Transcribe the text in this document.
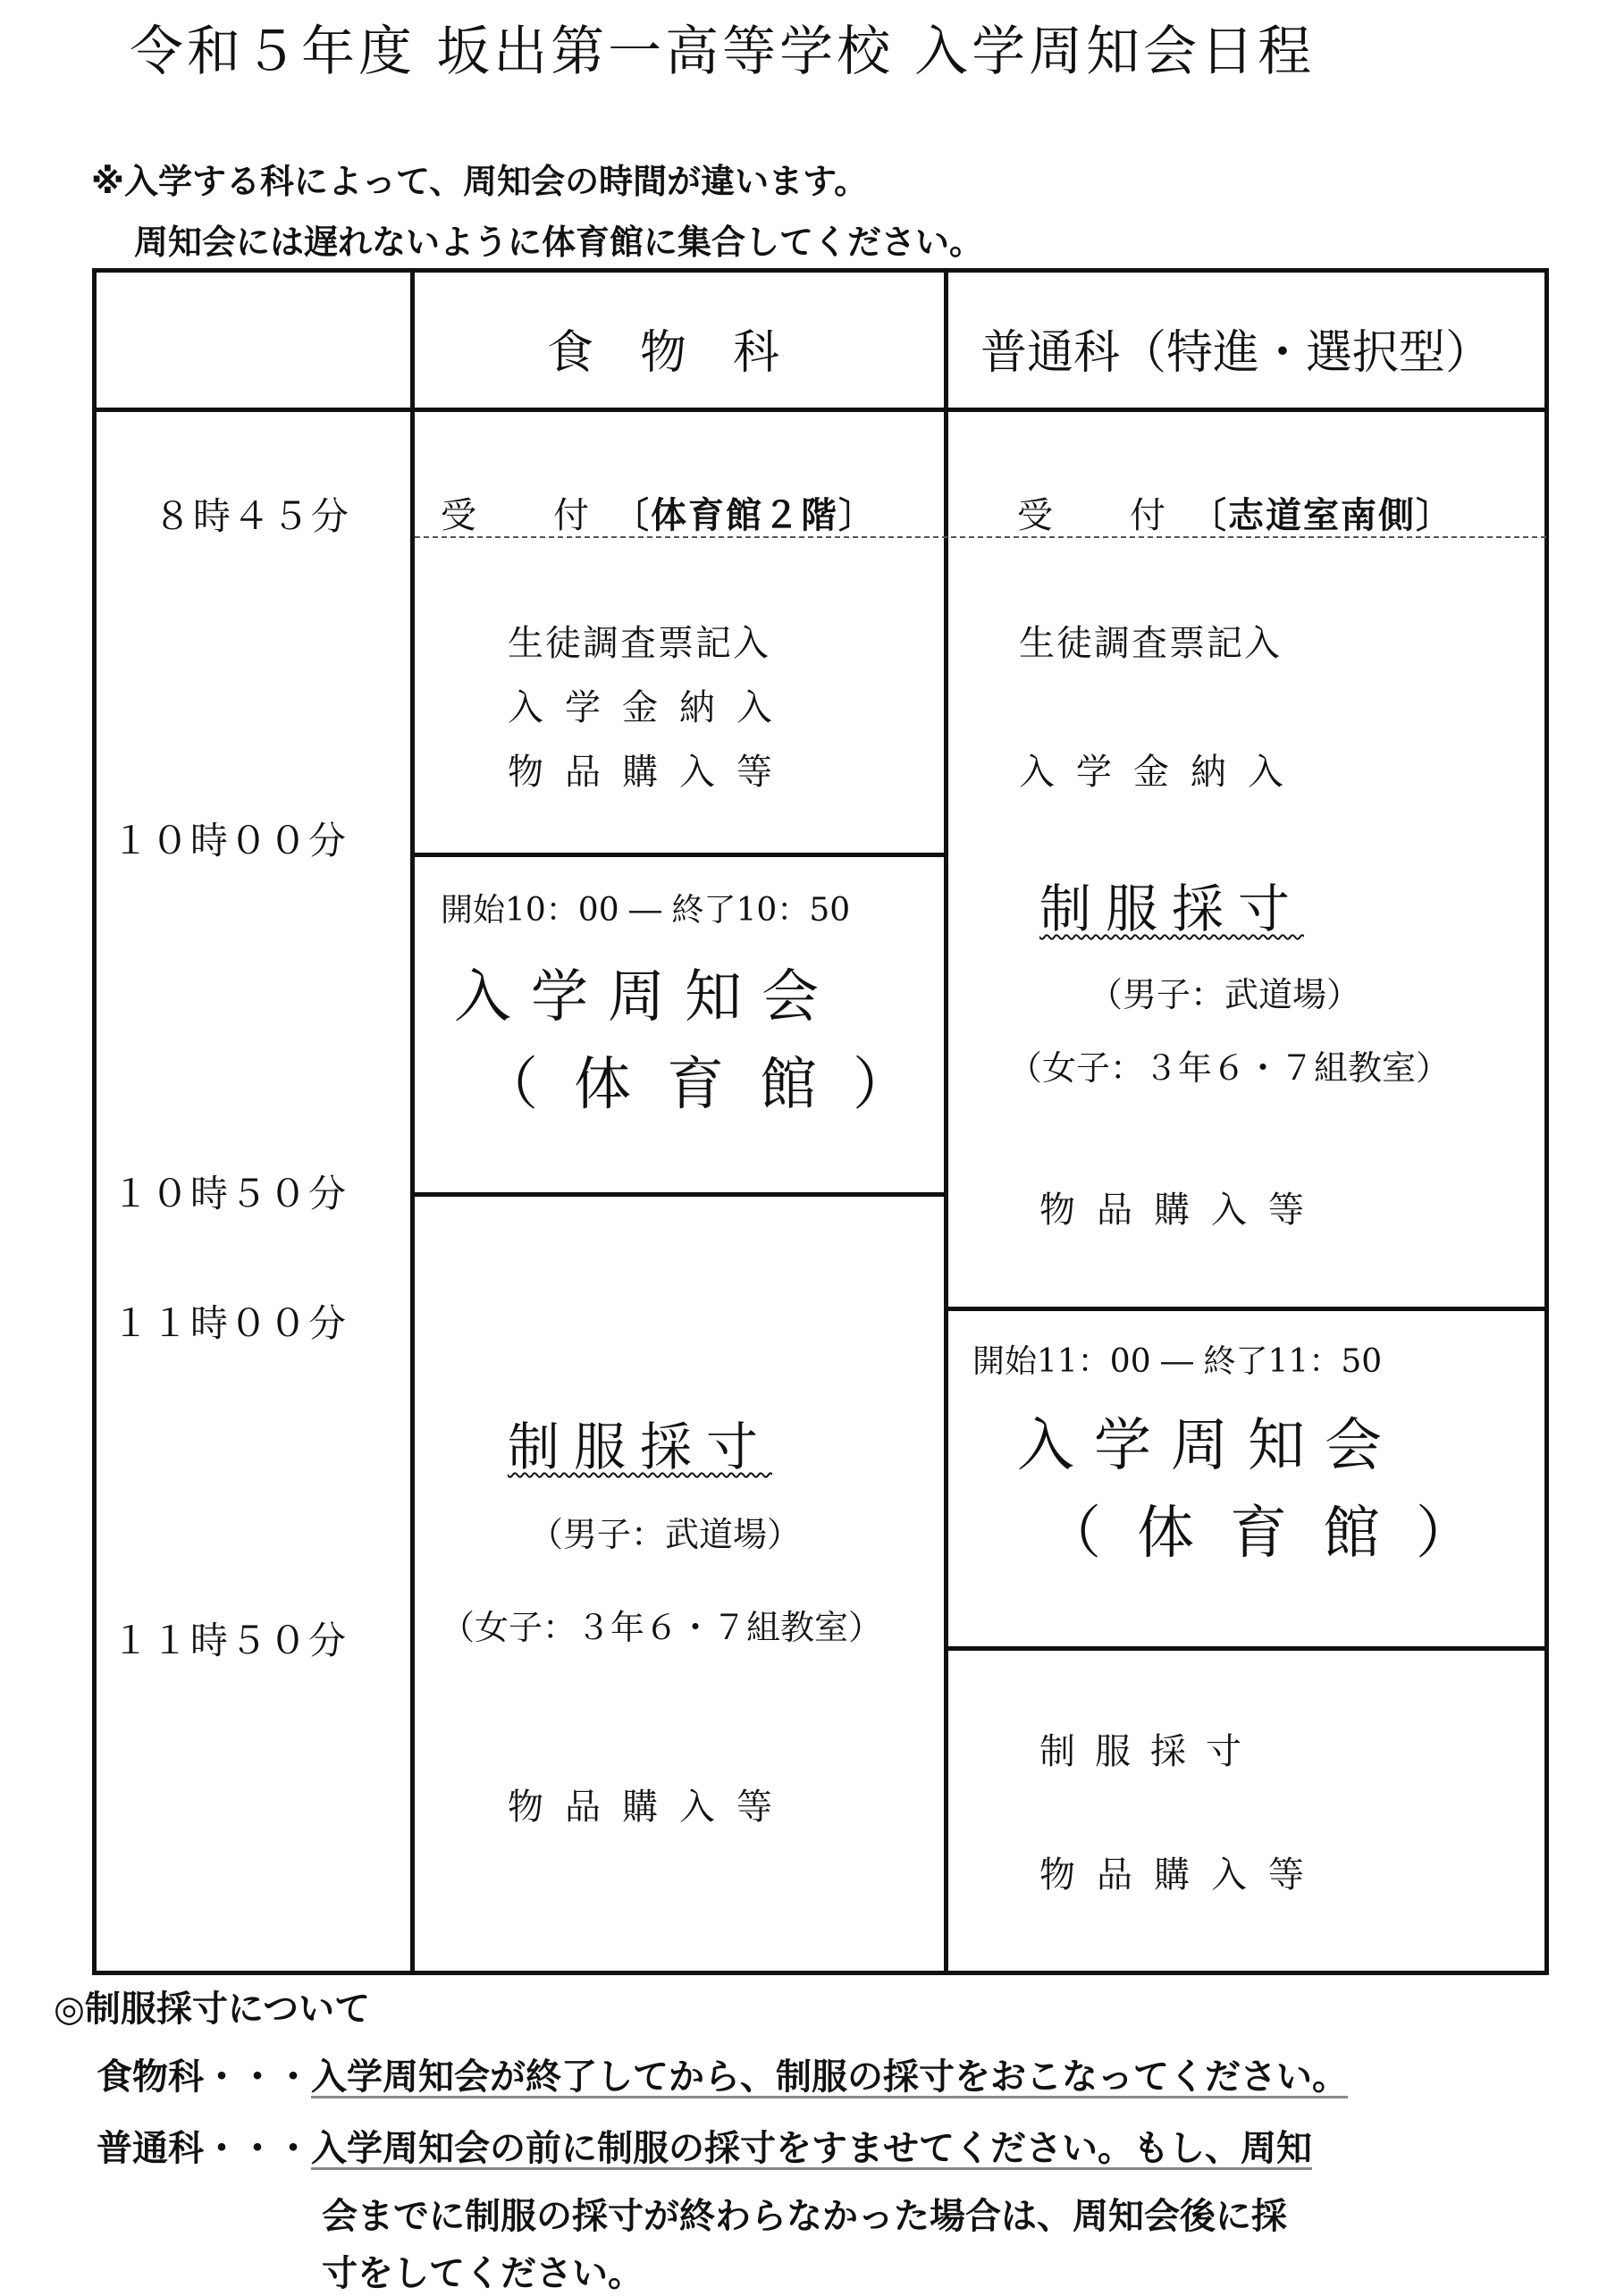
令和５年度 坂出第一高等学校 入学周知会日程
※入学する科によって、周知会の時間が違います。
周知会には遅れないように体育館に集合してください。
食　物　科	普通科（特進・選択型）
８時４５分
１０時００分
１０時５０分
１１時００分
１１時５０分
受　　付 〔体育館２階〕
生徒調査票記入
入学金納入
物品購入等
開始10：00 ― 終了10：50
入学周知会
（体育館）
制服採寸
（男子：武道場）
（女子：３年６・７組教室）
物品購入等
受　　付 〔志道室南側〕
生徒調査票記入
入学金納入
制服採寸
（男子：武道場）
（女子：３年６・７組教室）
物品購入等
開始11：00 ― 終了11：50
入学周知会
（体育館）
制服採寸
物品購入等
◎制服採寸について
食物科・・・入学周知会が終了してから、制服の採寸をおこなってください。
普通科・・・入学周知会の前に制服の採寸をすませてください。もし、周知
会までに制服の採寸が終わらなかった場合は、周知会後に採
寸をしてください。
